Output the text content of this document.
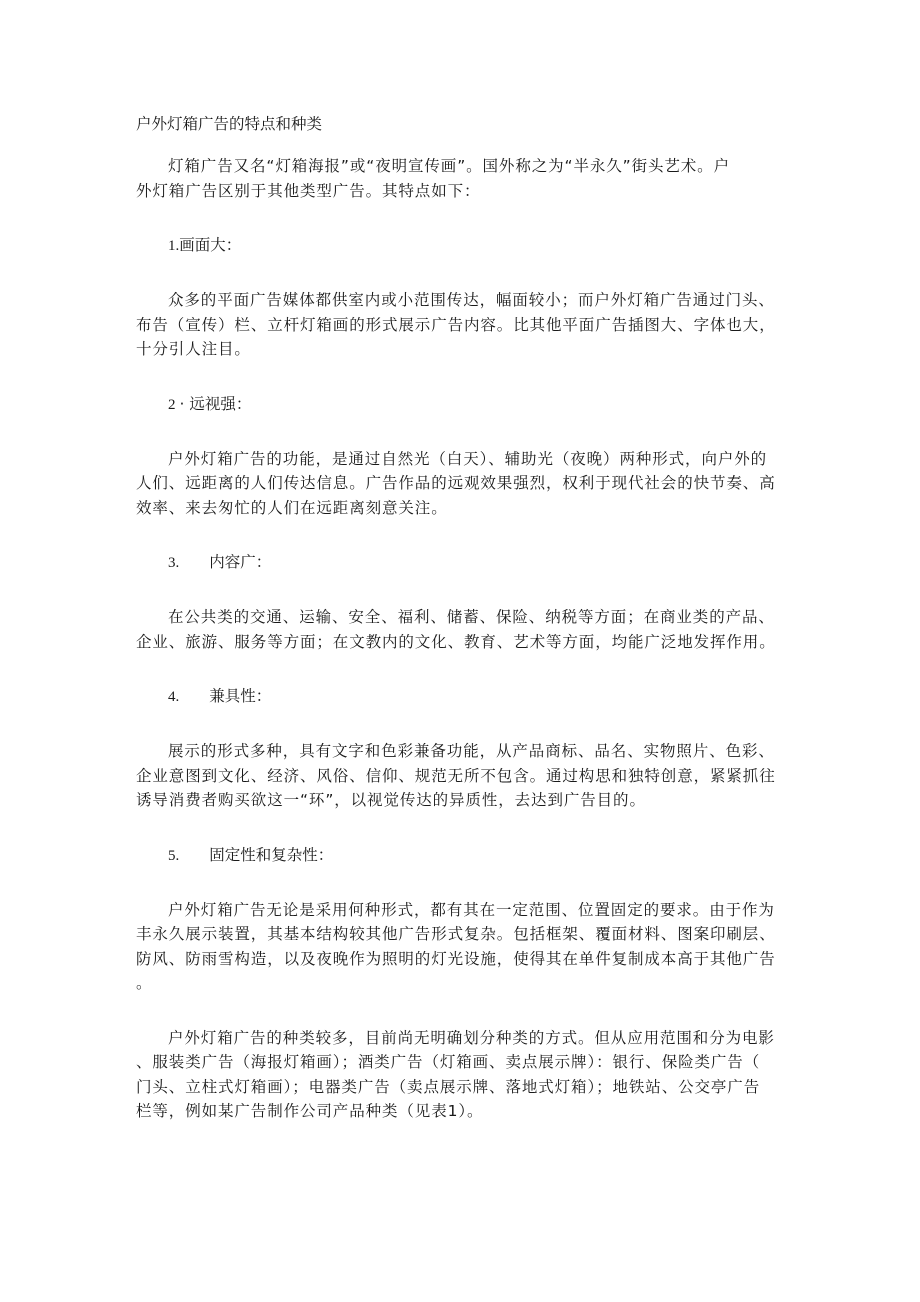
户外灯箱广告的特点和种类
灯箱广告又名“灯箱海报”或“夜明宣传画”。国外称之为“半永久”街头艺术。户
外灯箱广告区别于其他类型广告。其特点如下：
1.画面大：
众多的平面广告媒体都供室内或小范围传达，幅面较小；而户外灯箱广告通过门头、
布告（宣传）栏、立杆灯箱画的形式展示广告内容。比其他平面广告插图大、字体也大，
十分引人注目。
2 · 远视强：
户外灯箱广告的功能，是通过自然光（白天）、辅助光（夜晚）两种形式，向户外的
人们、远距离的人们传达信息。广告作品的远观效果强烈，权利于现代社会的快节奏、高
效率、来去匆忙的人们在远距离刻意关注。
3. 内容广：
在公共类的交通、运输、安全、福利、储蓄、保险、纳税等方面；在商业类的产品、
企业、旅游、服务等方面；在文教内的文化、教育、艺术等方面，均能广泛地发挥作用。
4. 兼具性：
展示的形式多种，具有文字和色彩兼备功能，从产品商标、品名、实物照片、色彩、
企业意图到文化、经济、风俗、信仰、规范无所不包含。通过构思和独特创意，紧紧抓往
诱导消费者购买欲这一“环”，以视觉传达的异质性，去达到广告目的。
5. 固定性和复杂性：
户外灯箱广告无论是采用何种形式，都有其在一定范围、位置固定的要求。由于作为
丰永久展示装置，其基本结构较其他广告形式复杂。包括框架、覆面材料、图案印刷层、
防风、防雨雪构造，以及夜晚作为照明的灯光设施，使得其在单件复制成本高于其他广告
。
户外灯箱广告的种类较多，目前尚无明确划分种类的方式。但从应用范围和分为电影
、服装类广告（海报灯箱画）；酒类广告（灯箱画、卖点展示牌）：银行、保险类广告（
门头、立柱式灯箱画）；电器类广告（卖点展示牌、落地式灯箱）；地铁站、公交亭广告
栏等，例如某广告制作公司产品种类（见表1）。
